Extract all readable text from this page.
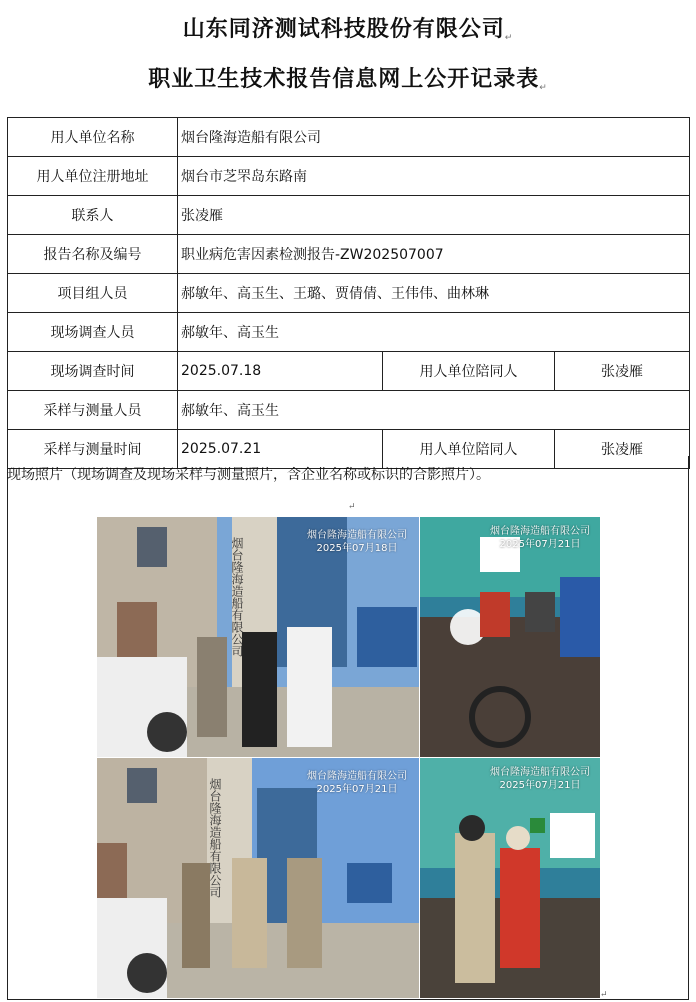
山东同济测试科技股份有限公司↵
职业卫生技术报告信息网上公开记录表↵
用人单位名称	烟台隆海造船有限公司		
用人单位注册地址	烟台市芝罘岛东路南		
联系人	张凌雁		
报告名称及编号	职业病危害因素检测报告-ZW202507007		
项目组人员	郝敏年、高玉生、王璐、贾倩倩、王伟伟、曲林琳		
现场调查人员	郝敏年、高玉生		
现场调查时间	2025.07.18	用人单位陪同人	张凌雁
采样与测量人员	郝敏年、高玉生		
采样与测量时间	2025.07.21	用人单位陪同人	张凌雁
现场照片（现场调查及现场采样与测量照片，含企业名称或标识的合影照片）。
↵
烟台隆海造船有限公司
烟台隆海造船有限公司
2025年07月18日
烟台隆海造船有限公司
2025年07月21日
烟台隆海造船有限公司
烟台隆海造船有限公司
2025年07月21日
烟台隆海造船有限公司
2025年07月21日
↵
